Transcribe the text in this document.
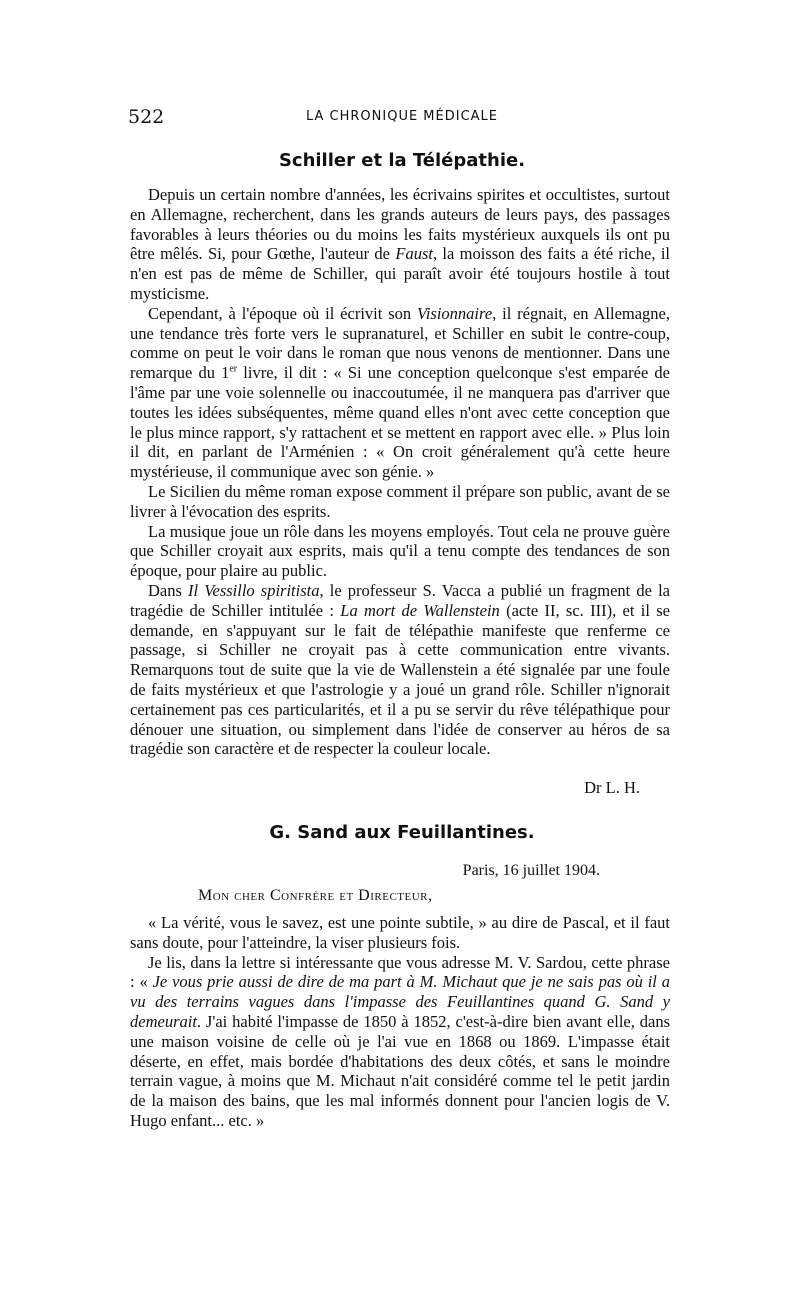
522	LA CHRONIQUE MÉDICALE
Schiller et la Télépathie.

Depuis un certain nombre d'années, les écrivains spirites et occultistes, surtout en Allemagne, recherchent, dans les grands auteurs de leurs pays, des passages favorables à leurs théories ou du moins les faits mystérieux auxquels ils ont pu être mêlés. Si, pour Gœthe, l'auteur de Faust, la moisson des faits a été riche, il n'en est pas de même de Schiller, qui paraît avoir été toujours hostile à tout mysticisme.

Cependant, à l'époque où il écrivit son Visionnaire, il régnait, en Allemagne, une tendance très forte vers le supranaturel, et Schiller en subit le contre-coup, comme on peut le voir dans le roman que nous venons de mentionner. Dans une remarque du 1er livre, il dit : « Si une conception quelconque s'est emparée de l'âme par une voie solennelle ou inaccoutumée, il ne manquera pas d'arriver que toutes les idées subséquentes, même quand elles n'ont avec cette conception que le plus mince rapport, s'y rattachent et se mettent en rapport avec elle. » Plus loin il dit, en parlant de l'Arménien : « On croit généralement qu'à cette heure mystérieuse, il communique avec son génie. »

Le Sicilien du même roman expose comment il prépare son public, avant de se livrer à l'évocation des esprits.

La musique joue un rôle dans les moyens employés. Tout cela ne prouve guère que Schiller croyait aux esprits, mais qu'il a tenu compte des tendances de son époque, pour plaire au public.

Dans Il Vessillo spiritista, le professeur S. Vacca a publié un fragment de la tragédie de Schiller intitulée : La mort de Wallenstein (acte II, sc. III), et il se demande, en s'appuyant sur le fait de télépathie manifeste que renferme ce passage, si Schiller ne croyait pas à cette communication entre vivants. Remarquons tout de suite que la vie de Wallenstein a été signalée par une foule de faits mystérieux et que l'astrologie y a joué un grand rôle. Schiller n'ignorait certainement pas ces particularités, et il a pu se servir du rêve télépathique pour dénouer une situation, ou simplement dans l'idée de conserver au héros de sa tragédie son caractère et de respecter la couleur locale.

Dr L. H.
G. Sand aux Feuillantines.
Paris, 16 juillet 1904.
Mon cher Confrère et Directeur,

« La vérité, vous le savez, est une pointe subtile, » au dire de Pascal, et il faut sans doute, pour l'atteindre, la viser plusieurs fois.

Je lis, dans la lettre si intéressante que vous adresse M. V. Sardou, cette phrase : « Je vous prie aussi de dire de ma part à M. Michaut que je ne sais pas où il a vu des terrains vagues dans l'impasse des Feuillantines quand G. Sand y demeurait. J'ai habité l'impasse de 1850 à 1852, c'est-à-dire bien avant elle, dans une maison voisine de celle où je l'ai vue en 1868 ou 1869. L'impasse était déserte, en effet, mais bordée d'habitations des deux côtés, et sans le moindre terrain vague, à moins que M. Michaut n'ait considéré comme tel le petit jardin de la maison des bains, que les mal informés donnent pour l'ancien logis de V. Hugo enfant... etc. »
